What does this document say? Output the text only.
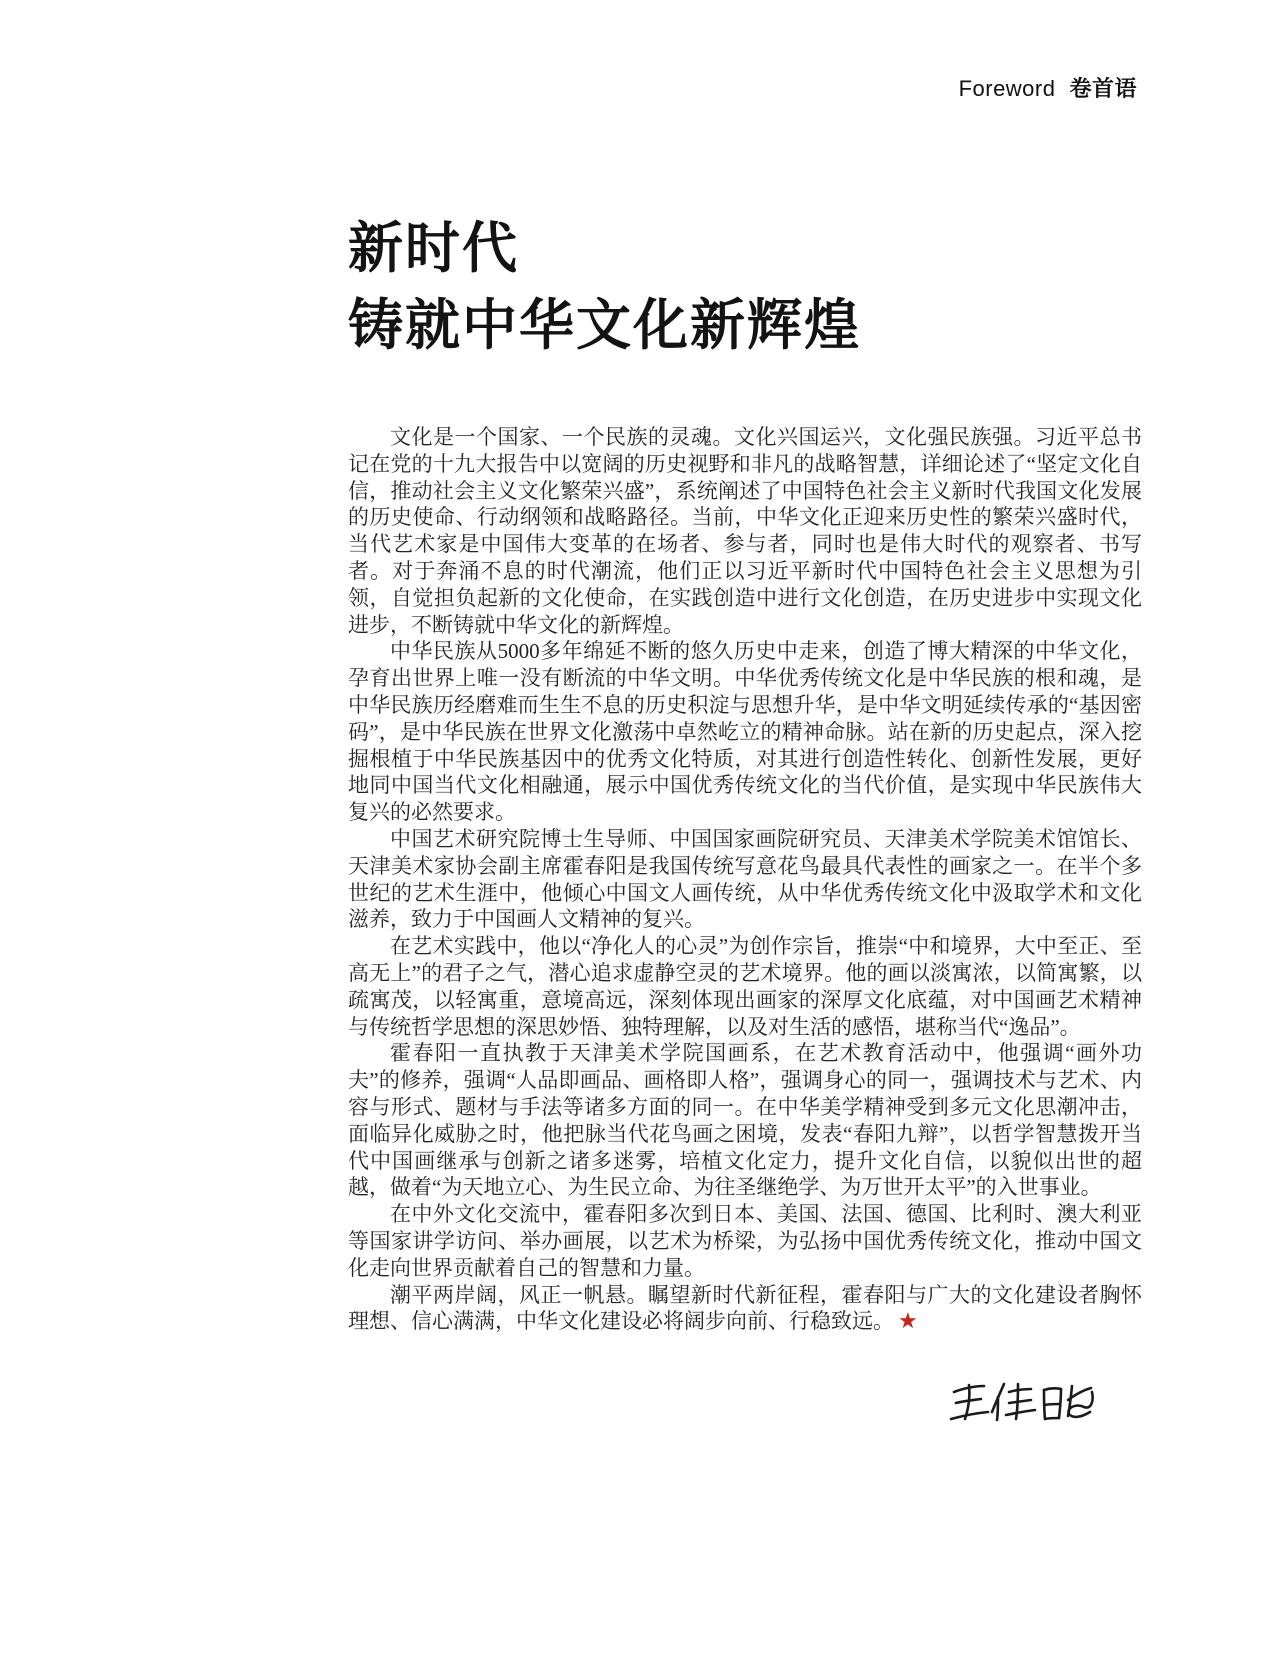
Foreword 卷首语
新时代
铸就中华文化新辉煌

文化是一个国家、一个民族的灵魂。文化兴国运兴，文化强民族强。习近平总书记在党的十九大报告中以宽阔的历史视野和非凡的战略智慧，详细论述了“坚定文化自信，推动社会主义文化繁荣兴盛”，系统阐述了中国特色社会主义新时代我国文化发展的历史使命、行动纲领和战略路径。当前，中华文化正迎来历史性的繁荣兴盛时代，当代艺术家是中国伟大变革的在场者、参与者，同时也是伟大时代的观察者、书写者。对于奔涌不息的时代潮流，他们正以习近平新时代中国特色社会主义思想为引领，自觉担负起新的文化使命，在实践创造中进行文化创造，在历史进步中实现文化进步，不断铸就中华文化的新辉煌。

中华民族从5000多年绵延不断的悠久历史中走来，创造了博大精深的中华文化，孕育出世界上唯一没有断流的中华文明。中华优秀传统文化是中华民族的根和魂，是中华民族历经磨难而生生不息的历史积淀与思想升华，是中华文明延续传承的“基因密码”，是中华民族在世界文化激荡中卓然屹立的精神命脉。站在新的历史起点，深入挖掘根植于中华民族基因中的优秀文化特质，对其进行创造性转化、创新性发展，更好地同中国当代文化相融通，展示中国优秀传统文化的当代价值，是实现中华民族伟大复兴的必然要求。

中国艺术研究院博士生导师、中国国家画院研究员、天津美术学院美术馆馆长、天津美术家协会副主席霍春阳是我国传统写意花鸟最具代表性的画家之一。在半个多世纪的艺术生涯中，他倾心中国文人画传统，从中华优秀传统文化中汲取学术和文化滋养，致力于中国画人文精神的复兴。

在艺术实践中，他以“净化人的心灵”为创作宗旨，推崇“中和境界，大中至正、至高无上”的君子之气，潜心追求虚静空灵的艺术境界。他的画以淡寓浓，以简寓繁，以疏寓茂，以轻寓重，意境高远，深刻体现出画家的深厚文化底蕴，对中国画艺术精神与传统哲学思想的深思妙悟、独特理解，以及对生活的感悟，堪称当代“逸品”。

霍春阳一直执教于天津美术学院国画系，在艺术教育活动中，他强调“画外功夫”的修养，强调“人品即画品、画格即人格”，强调身心的同一，强调技术与艺术、内容与形式、题材与手法等诸多方面的同一。在中华美学精神受到多元文化思潮冲击，面临异化威胁之时，他把脉当代花鸟画之困境，发表“春阳九辩”，以哲学智慧拨开当代中国画继承与创新之诸多迷雾，培植文化定力，提升文化自信，以貌似出世的超越，做着“为天地立心、为生民立命、为往圣继绝学、为万世开太平”的入世事业。

在中外文化交流中，霍春阳多次到日本、美国、法国、德国、比利时、澳大利亚等国家讲学访问、举办画展，以艺术为桥梁，为弘扬中国优秀传统文化，推动中国文化走向世界贡献着自己的智慧和力量。

潮平两岸阔，风正一帆悬。瞩望新时代新征程，霍春阳与广大的文化建设者胸怀理想、信心满满，中华文化建设必将阔步向前、行稳致远。 ★
